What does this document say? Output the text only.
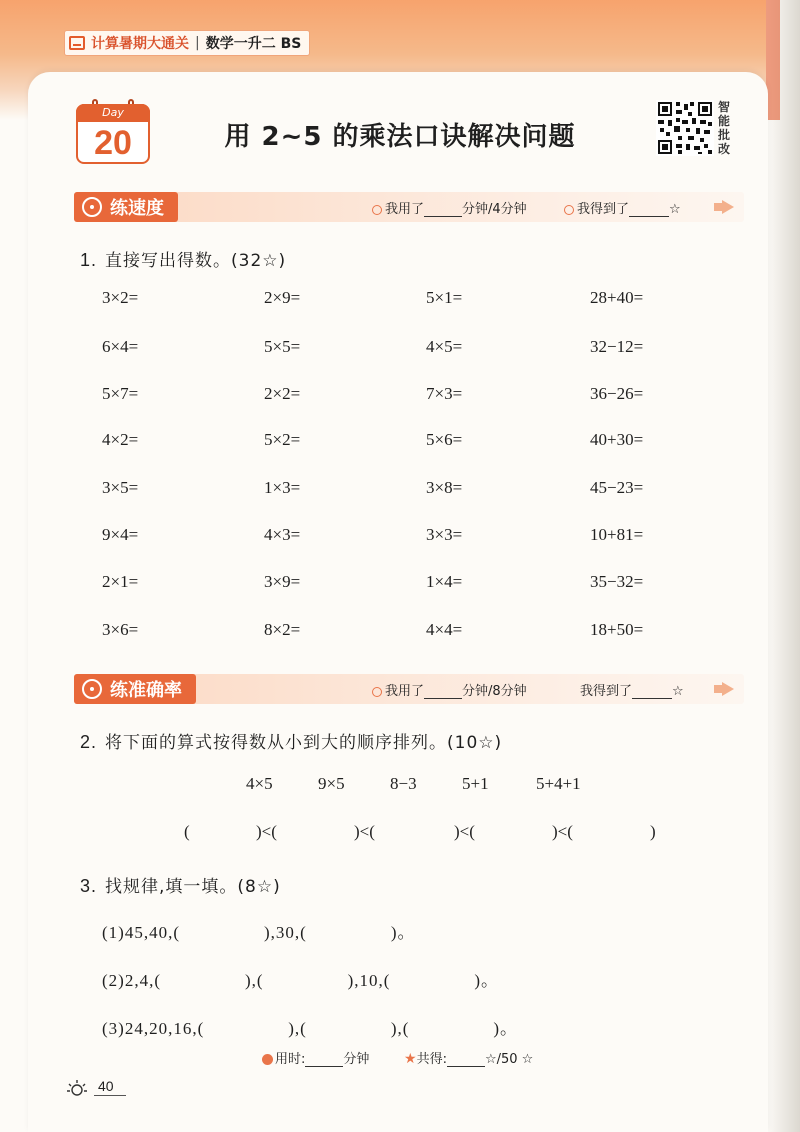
计算暑期大通关 | 数学一升二 BS
Day
20	用 2~5 的乘法口诀解决问题
智
能
批
改
练速度	我用了	分钟/4分钟	我得到了	☆
1. 直接写出得数。(32☆)
3×2=	2×9=	5×1=	28+40=
6×4=	5×5=	4×5=	32−12=
5×7=	2×2=	7×3=	36−26=
4×2=	5×2=	5×6=	40+30=
3×5=	1×3=	3×8=	45−23=
9×4=	4×3=	3×3=	10+81=
2×1=	3×9=	1×4=	35−32=
3×6=	8×2=	4×4=	18+50=
练准确率	我用了	分钟/8分钟	我得到了	☆
2. 将下面的算式按得数从小到大的顺序排列。(10☆)
4×5	9×5	8−3	5+1	5+4+1
(	)<(	)<(	)<(	)<(	)
3. 找规律,填一填。(8☆)
(1)45,40,(	),30,(	)。
(2)2,4,(	),(	),10,(	)。
(3)24,20,16,(	),(	),(	)。
用时:	分钟 ★共得:	☆/50 ☆
40
